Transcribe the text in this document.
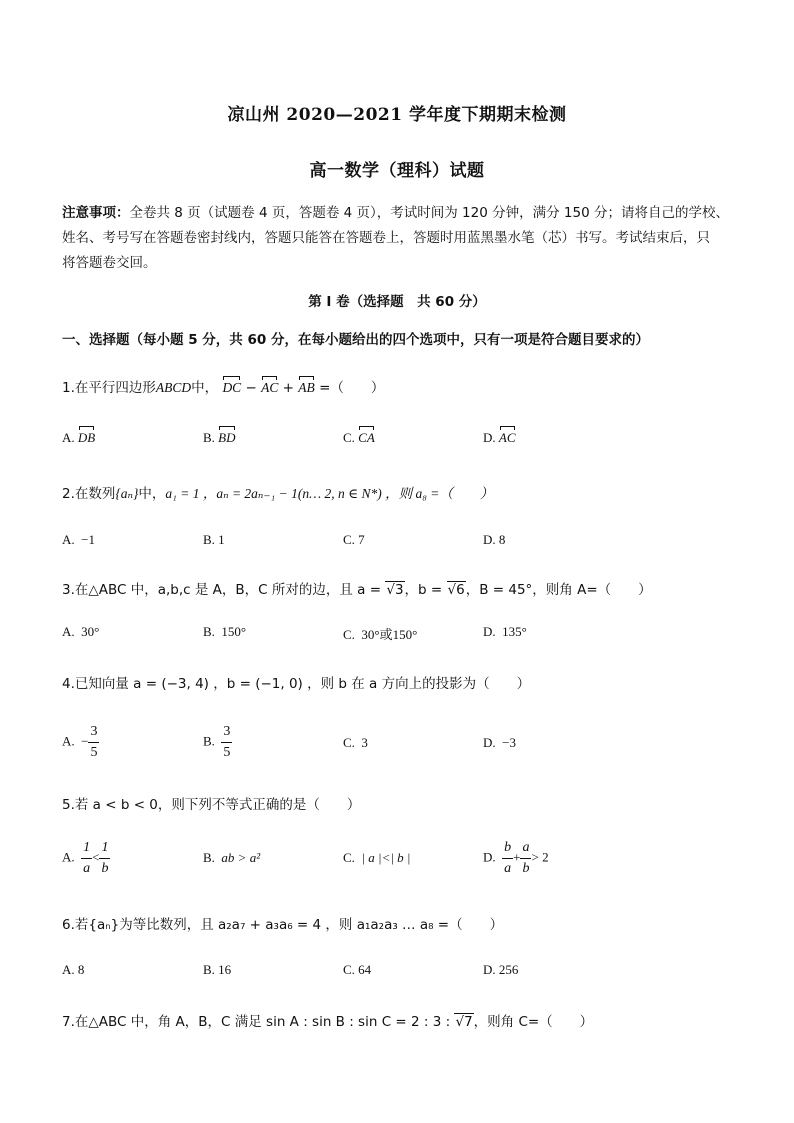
凉山州 2020—2021 学年度下期期末检测
高一数学（理科）试题
注意事项：全卷共 8 页（试题卷 4 页，答题卷 4 页），考试时间为 120 分钟，满分 150 分；请将自己的学校、
姓名、考号写在答题卷密封线内，答题只能答在答题卷上，答题时用蓝黑墨水笔（芯）书写。考试结束后，只
将答题卷交回。
第 I 卷（选择题　共 60 分）
一、选择题（每小题 5 分，共 60 分，在每小题给出的四个选项中，只有一项是符合题目要求的）
1.在平行四边形ABCD中， DC − AC + AB =（　　）
A. DB	B. BD	C. CA	D. AC
2.在数列{aₙ}中，a₁ = 1 ，aₙ = 2aₙ₋₁ − 1(n… 2, n ∈ N*) ，则 a₈ =（　　）
A. −1	B. 1	C. 7	D. 8
3.在△ABC 中，a,b,c 是 A，B，C 所对的边，且 a = √3，b = √6，B = 45°，则角 A=（　　）
A. 30°	B. 150°	C. 30°或150°	D. 135°
4.已知向量 a = (−3, 4) ，b = (−1, 0) ，则 b 在 a 方向上的投影为（　　）
A. − $\frac{3}{5}$	B. $\frac{3}{5}$	C. 3	D. −3
5.若 a < b < 0，则下列不等式正确的是（　　）
A. $\frac{1}{a} < \frac{1}{b}$	B. ab > a²	C. | a |<| b |	D. $\frac{b}{a} + \frac{a}{b} > 2$
6.若{aₙ}为等比数列，且 a₂a₇ + a₃a₆ = 4 ，则 a₁a₂a₃ … a₈ =（　　）
A. 8	B. 16	C. 64	D. 256
7.在△ABC 中，角 A，B，C 满足 sin A : sin B : sin C = 2 : 3 : √7，则角 C=（　　）
